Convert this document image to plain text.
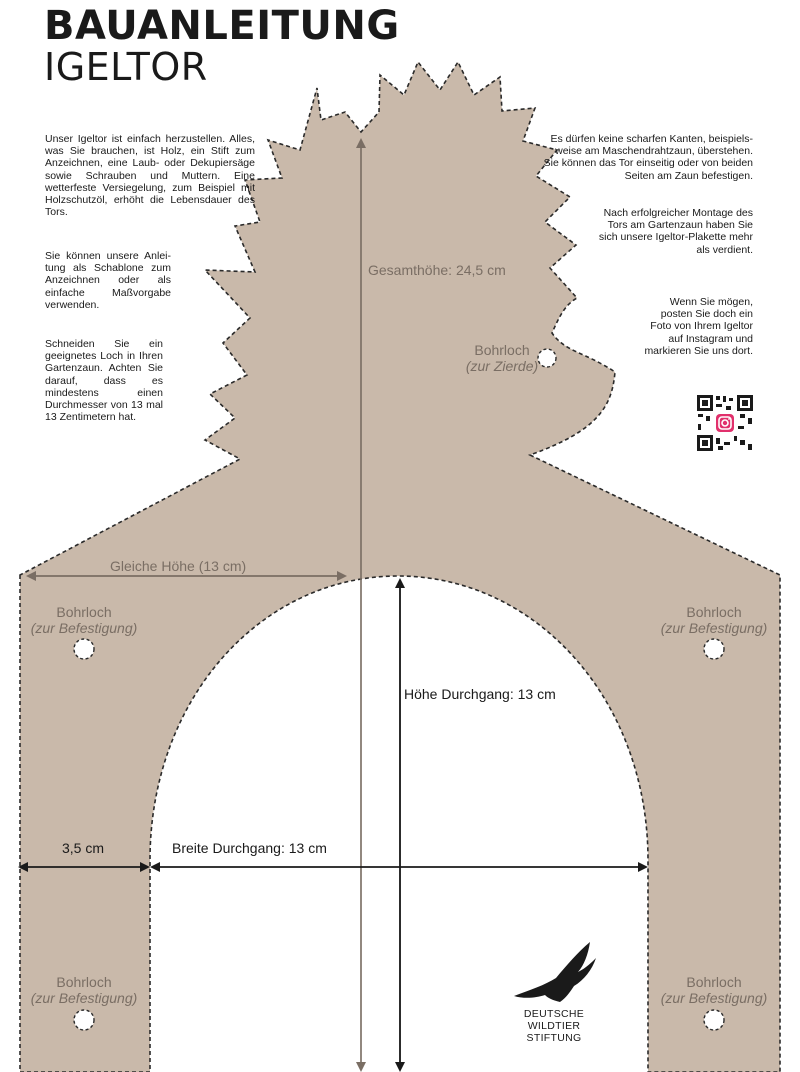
BAUANLEITUNG
IGELTOR

Unser Igeltor ist einfach herzustellen. Alles, was Sie brauchen, ist Holz, ein Stift zum Anzeichnen, eine Laub- oder Dekupiersäge sowie Schrauben und Muttern. Eine wetterfeste Versiegelung, zum Beispiel mit Holzschutzöl, erhöht die Lebensdauer des Tors.

Sie können unsere Anleitung als Schablone zum Anzeichnen oder als einfache Maßvorgabe verwenden.

Schneiden Sie ein geeignetes Loch in Ihren Gartenzaun. Achten Sie darauf, dass es mindestens einen Durchmesser von 13 mal 13 Zentimetern hat.

Es dürfen keine scharfen Kanten, beispielsweise am Maschendrahtzaun, überstehen. Sie können das Tor einseitig oder von beiden Seiten am Zaun befestigen.

Nach erfolgreicher Montage des Tors am Gartenzaun haben Sie sich unsere Igeltor-Plakette mehr als verdient.

Wenn Sie mögen, posten Sie doch ein Foto von Ihrem Igeltor auf Instagram und markieren Sie uns dort.

Gesamthöhe: 24,5 cm
Bohrloch
(zur Zierde)
Gleiche Höhe (13 cm)
Bohrloch
(zur Befestigung)
Bohrloch
(zur Befestigung)
Bohrloch
(zur Befestigung)
Bohrloch
(zur Befestigung)
Höhe Durchgang: 13 cm
3,5 cm	Breite Durchgang: 13 cm
DEUTSCHE
WILDTIER
STIFTUNG
